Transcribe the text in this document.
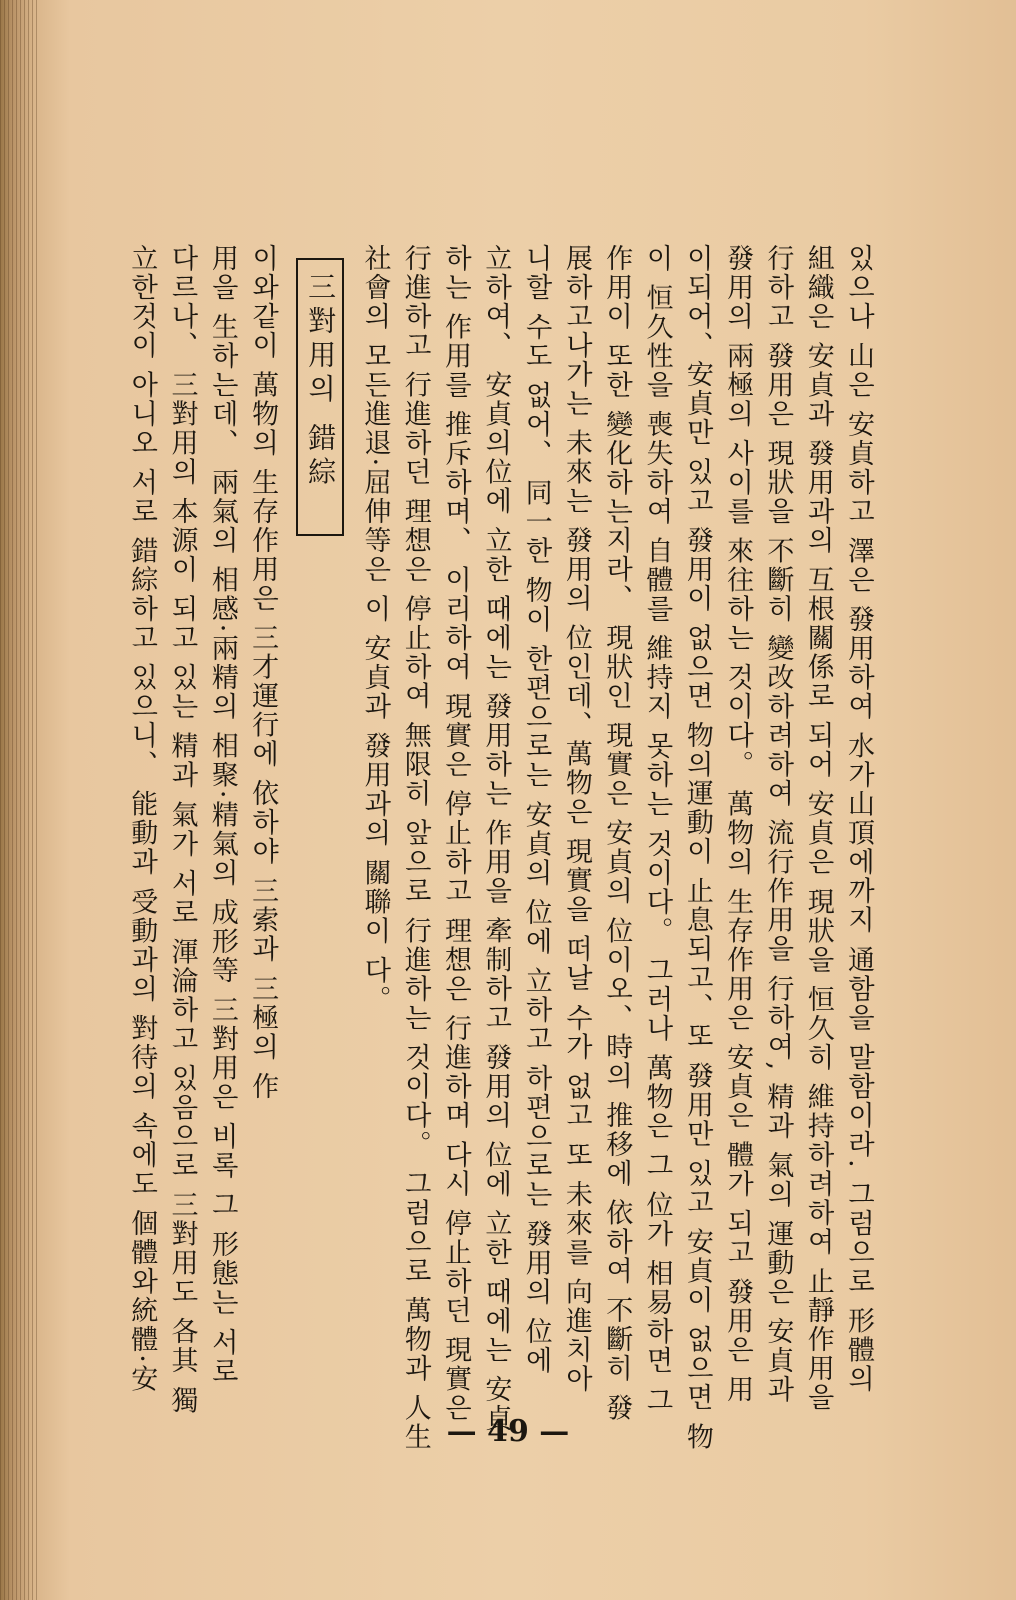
있으나 山은 安貞하고 澤은 發用하여 水가山頂에까지 通함을 말함이라. 그럼으로 形體의
組織은 安貞과 發用과의 互根關係로 되어 安貞은 現狀을 恒久히 維持하려하여 止靜作用을
行하고 發用은 現狀을 不斷히 變改하려하여 流行作用을 行하여, 精과 氣의 運動은 安貞과
發用의 兩極의 사이를 來往하는 것이다。 萬物의 生存作用은 安貞은 體가 되고 發用은 用
이되어、安貞만 있고 發用이 없으면 物의運動이 止息되고、또 發用만 있고 安貞이 없으면 物
이 恒久性을 喪失하여 自體를 維持지 못하는 것이다。 그러나 萬物은 그 位가 相易하면 그
作用이 또한 變化하는지라、 現狀인 現實은 安貞의 位이오、時의 推移에 依하여 不斷히 發
展하고나가는 未來는 發用의 位인데、萬物은 現實을 떠날 수가 없고 또 未來를 向進치아
니할 수도 없어、 同一한 物이 한편으로는 安貞의 位에 立하고 하편으로는 發用의 位에
立하여、 安貞의位에 立한 때에는 發用하는 作用을 牽制하고 發用의 位에 立한 때에는 安貞
하는 作用를 推斥하며、 이리하여 現實은 停止하고 理想은 行進하며 다시 停止하던 現實은
行進하고 行進하던 理想은 停止하여 無限히 앞으로 行進하는 것이다。 그럼으로 萬物과 人生
社會의 모든進退·屈伸等은 이 安貞과 發用과의 關聯이 다。
三對用의 錯綜
이와같이 萬物의 生存作用은 三才運行에 依하야 三索과 三極의 作
用을 生하는데、 兩氣의 相感·兩精의 相聚·精氣의 成形等 三對用은 비록 그 形態는 서로
다르나、 三對用의 本源이 되고 있는 精과 氣가 서로 渾淪하고 있음으로 三對用도 各其 獨
立한것이 아니오 서로 錯綜하고 있으니、 能動과 受動과의 對待의 속에도 個體와統體·安
— 49 —
